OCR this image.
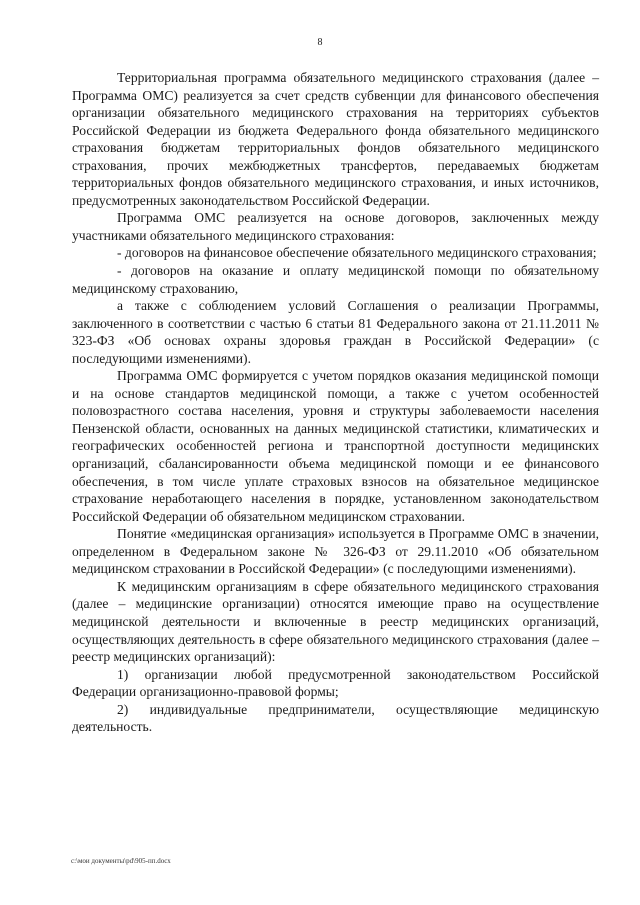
8

Территориальная программа обязательного медицинского страхования (далее – Программа ОМС) реализуется за счет средств субвенции для финансового обеспечения организации обязательного медицинского страхования на территориях субъектов Российской Федерации из бюджета Федерального фонда обязательного медицинского страхования бюджетам территориальных фондов обязательного медицинского страхования, прочих межбюджетных трансфертов, передаваемых бюджетам территориальных фондов обязательного медицинского страхования, и иных источников, предусмотренных законодательством Российской Федерации.

Программа ОМС реализуется на основе договоров, заключенных между участниками обязательного медицинского страхования:

- договоров на финансовое обеспечение обязательного медицинского страхования;

- договоров на оказание и оплату медицинской помощи по обязательному медицинскому страхованию,

а также с соблюдением условий Соглашения о реализации Программы, заключенного в соответствии с частью 6 статьи 81 Федерального закона от 21.11.2011 № 323-ФЗ «Об основах охраны здоровья граждан в Российской Федерации» (с последующими изменениями).

Программа ОМС формируется с учетом порядков оказания медицинской помощи и на основе стандартов медицинской помощи, а также с учетом особенностей половозрастного состава населения, уровня и структуры заболеваемости населения Пензенской области, основанных на данных медицинской статистики, климатических и географических особенностей региона и транспортной доступности медицинских организаций, сбалансированности объема медицинской помощи и ее финансового обеспечения, в том числе уплате страховых взносов на обязательное медицинское страхование неработающего населения в порядке, установленном законодательством Российской Федерации об обязательном медицинском страховании.

Понятие «медицинская организация» используется в Программе ОМС в значении, определенном в Федеральном законе № 326-ФЗ от 29.11.2010 «Об обязательном медицинском страховании в Российской Федерации» (с последующими изменениями).

К медицинским организациям в сфере обязательного медицинского страхования (далее – медицинские организации) относятся имеющие право на осуществление медицинской деятельности и включенные в реестр медицинских организаций, осуществляющих деятельность в сфере обязательного медицинского страхования (далее – реестр медицинских организаций):

1) организации любой предусмотренной законодательством Российской Федерации организационно-правовой формы;

2) индивидуальные предприниматели, осуществляющие медицинскую деятельность.

c:\мои документы\pd\905-пп.docx
